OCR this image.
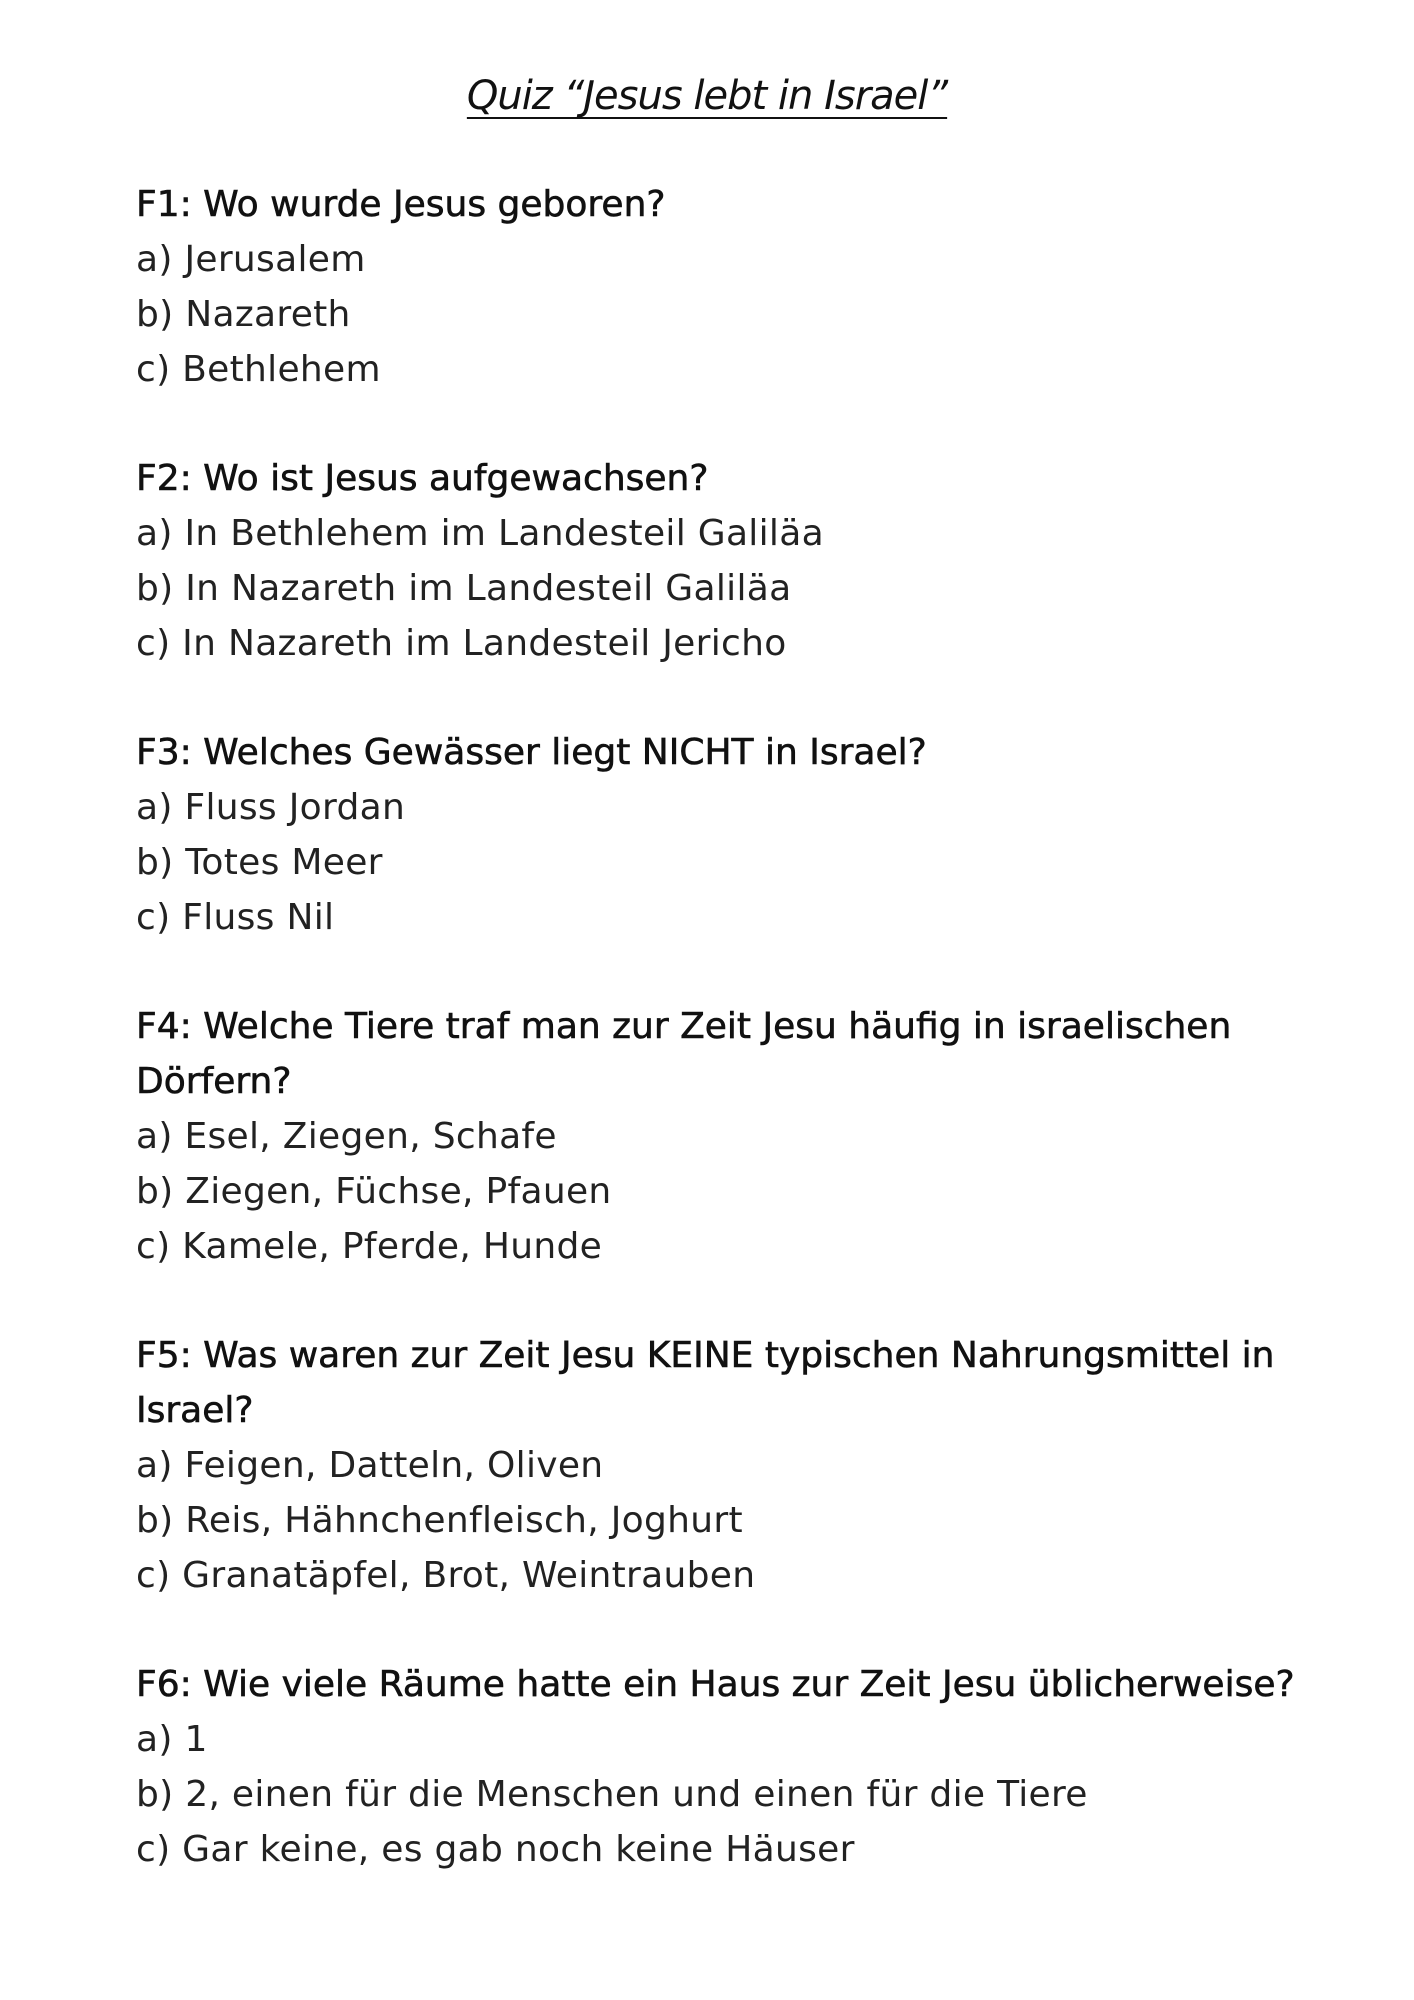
Quiz “Jesus lebt in Israel”
F1: Wo wurde Jesus geboren?
a) Jerusalem
b) Nazareth
c) Bethlehem
F2: Wo ist Jesus aufgewachsen?
a) In Bethlehem im Landesteil Galiläa
b) In Nazareth im Landesteil Galiläa
c) In Nazareth im Landesteil Jericho
F3: Welches Gewässer liegt NICHT in Israel?
a) Fluss Jordan
b) Totes Meer
c) Fluss Nil
F4: Welche Tiere traf man zur Zeit Jesu häufig in israelischen Dörfern?
a) Esel, Ziegen, Schafe
b) Ziegen, Füchse, Pfauen
c) Kamele, Pferde, Hunde
F5: Was waren zur Zeit Jesu KEINE typischen Nahrungsmittel in Israel?
a) Feigen, Datteln, Oliven
b) Reis, Hähnchenfleisch, Joghurt
c) Granatäpfel, Brot, Weintrauben
F6: Wie viele Räume hatte ein Haus zur Zeit Jesu üblicherweise?
a) 1
b) 2, einen für die Menschen und einen für die Tiere
c) Gar keine, es gab noch keine Häuser
